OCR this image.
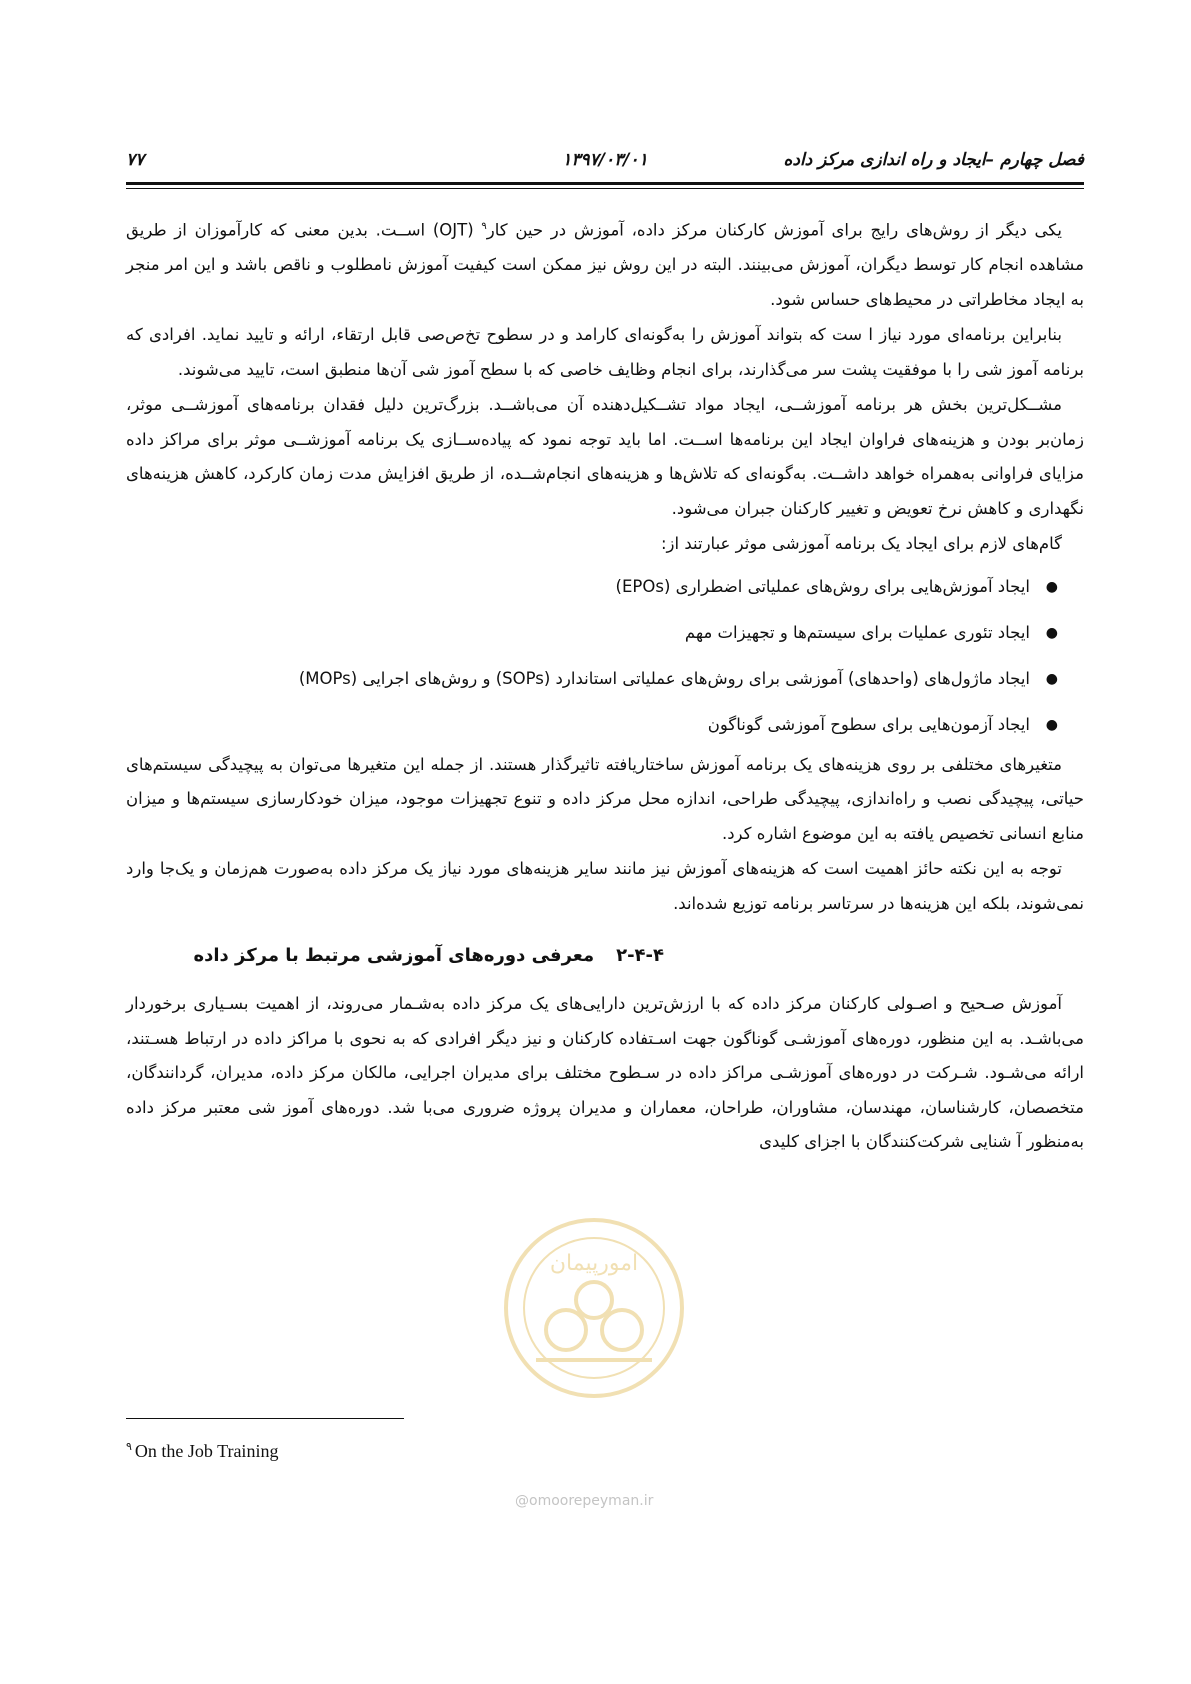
فصل چهارم –ایجاد و راه اندازی مرکز داده
۱۳۹۷/۰۳/۰۱
۷۷

یکی دیگر از روش‌های رایج برای آموزش کارکنان مرکز داده، آموزش در حین کار$^۹$ (OJT) اســت. بدین معنی که کارآموزان از طریق مشاهده انجام کار توسط دیگران، آموزش می‌بینند. البته در این روش نیز ممکن است کیفیت آموزش نامطلوب و ناقص باشد و این امر منجر به ایجاد مخاطراتی در محیط‌های حساس شود.

بنابراین برنامه‌ای مورد نیاز ا ست که بتواند آموزش را به‌گونه‌ای کارامد و در سطوح تخ‌ص‌صی قابل ارتقاء، ارائه و تایید نماید. افرادی که برنامه آموز شی را با موفقیت پشت سر می‌گذارند، برای انجام وظایف خاصی که با سطح آموز شی آن‌ها منطبق است، تایید می‌شوند.

مشــکل‌ترین بخش هر برنامه آموزشــی، ایجاد مواد تشــکیل‌دهنده آن می‌باشــد. بزرگ‌ترین دلیل فقدان برنامه‌های آموزشــی موثر، زمان‌بر بودن و هزینه‌های فراوان ایجاد این برنامه‌ها اســت. اما باید توجه نمود که پیاده‌ســازی یک برنامه آموزشــی موثر برای مراکز داده مزایای فراوانی به‌همراه خواهد داشــت. به‌گونه‌ای که تلاش‌ها و هزینه‌های انجام‌شــده، از طریق افزایش مدت زمان کارکرد، کاهش هزینه‌های نگهداری و کاهش نرخ تعویض و تغییر کارکنان جبران می‌شود.

گام‌های لازم برای ایجاد یک برنامه آموزشی موثر عبارتند از:

●
ایجاد آموزش‌هایی برای روش‌های عملیاتی اضطراری (EPOs)
●
ایجاد تئوری عملیات برای سیستم‌ها و تجهیزات مهم
●
ایجاد ماژول‌های (واحدهای) آموزشی برای روش‌های عملیاتی استاندارد (SOPs) و روش‌های اجرایی (MOPs)
●
ایجاد آزمون‌هایی برای سطوح آموزشی گوناگون

متغیرهای مختلفی بر روی هزینه‌های یک برنامه آموزش ساختاریافته تاثیرگذار هستند. از جمله این متغیرها می‌توان به پیچیدگی سیستم‌های حیاتی، پیچیدگی نصب و راه‌اندازی، پیچیدگی طراحی، اندازه محل مرکز داده و تنوع تجهیزات موجود، میزان خودکارسازی سیستم‌ها و میزان منابع انسانی تخصیص یافته به این موضوع اشاره کرد.

توجه به این نکته حائز اهمیت است که هزینه‌های آموزش نیز مانند سایر هزینه‌های مورد نیاز یک مرکز داده به‌صورت هم‌زمان و یک‌جا وارد نمی‌شوند، بلکه این هزینه‌ها در سرتاسر برنامه توزیع شده‌اند.

۲-۴-۴معرفی دوره‌های آموزشی مرتبط با مرکز داده

آموزش صـحیح و اصـولی کارکنان مرکز داده که با ارزش‌ترین دارایی‌های یک مرکز داده به‌شـمار می‌روند، از اهمیت بسـیاری برخوردار می‌باشـد. به این منظور، دوره‌های آموزشـی گوناگون جهت اسـتفاده کارکنان و نیز دیگر افرادی که به نحوی با مراکز داده در ارتباط هسـتند، ارائه می‌شـود. شـرکت در دوره‌های آموزشـی مراکز داده در سـطوح مختلف برای مدیران اجرایی، مالکان مرکز داده، مدیران، گردانندگان، متخصصان، کارشناسان، مهندسان، مشاوران، طراحان، معماران و مدیران پروژه ضروری می‌با شد. دوره‌های آموز شی معتبر مرکز داده به‌منظور آ شنایی شرکت‌کنندگان با اجزای کلیدی

امورپیمان
@omoorepeyman.ir
$^۹$ On the Job Training
